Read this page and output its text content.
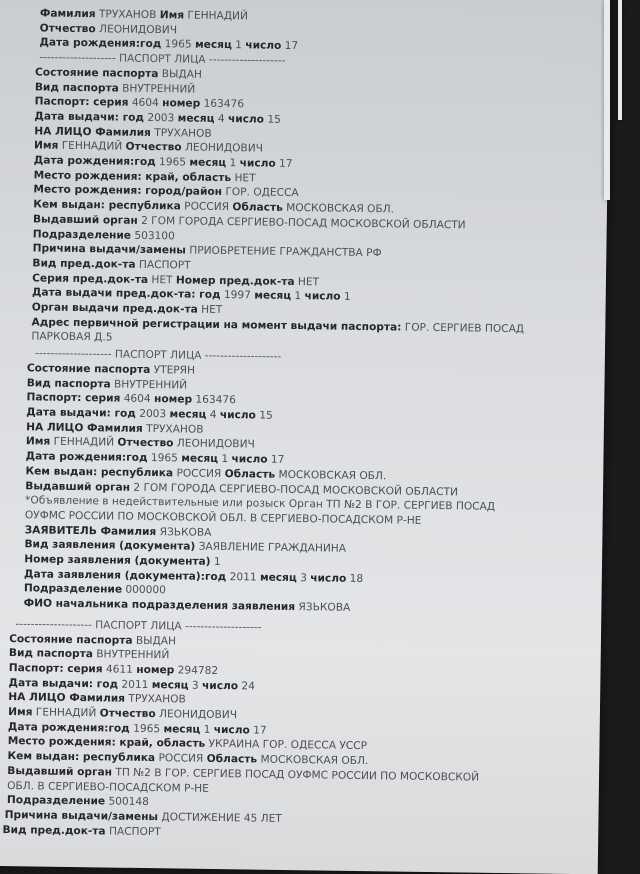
Фамилия ТРУХАНОВ Имя ГЕННАДИЙ
Отчество ЛЕОНИДОВИЧ
Дата рождения:год 1965 месяц 1 число 17
-------------------- ПАСПОРТ ЛИЦА --------------------
Состояние паспорта ВЫДАН
Вид паспорта ВНУТРЕННИЙ
Паспорт: серия 4604 номер 163476
Дата выдачи: год 2003 месяц 4 число 15
НА ЛИЦО Фамилия ТРУХАНОВ
Имя ГЕННАДИЙ Отчество ЛЕОНИДОВИЧ
Дата рождения:год 1965 месяц 1 число 17
Место рождения: край, область НЕТ
Место рождения: город/район ГОР. ОДЕССА
Кем выдан: республика РОССИЯ Область МОСКОВСКАЯ ОБЛ.
Выдавший орган 2 ГОМ ГОРОДА СЕРГИЕВО-ПОСАД МОСКОВСКОЙ ОБЛАСТИ
Подразделение 503100
Причина выдачи/замены ПРИОБРЕТЕНИЕ ГРАЖДАНСТВА РФ
Вид пред.док-та ПАСПОРТ
Серия пред.док-та НЕТ Номер пред.док-та НЕТ
Дата выдачи пред.док-та: год 1997 месяц 1 число 1
Орган выдачи пред.док-та НЕТ
Адрес первичной регистрации на момент выдачи паспорта: ГОР. СЕРГИЕВ ПОСАД
ПАРКОВАЯ Д.5
-------------------- ПАСПОРТ ЛИЦА --------------------
Состояние паспорта УТЕРЯН
Вид паспорта ВНУТРЕННИЙ
Паспорт: серия 4604 номер 163476
Дата выдачи: год 2003 месяц 4 число 15
НА ЛИЦО Фамилия ТРУХАНОВ
Имя ГЕННАДИЙ Отчество ЛЕОНИДОВИЧ
Дата рождения:год 1965 месяц 1 число 17
Кем выдан: республика РОССИЯ Область МОСКОВСКАЯ ОБЛ.
Выдавший орган 2 ГОМ ГОРОДА СЕРГИЕВО-ПОСАД МОСКОВСКОЙ ОБЛАСТИ
*Объявление в недействительные или розыск Орган ТП №2 В ГОР. СЕРГИЕВ ПОСАД
ОУФМС РОССИИ ПО МОСКОВСКОЙ ОБЛ. В СЕРГИЕВО-ПОСАДСКОМ Р-НЕ
ЗАЯВИТЕЛЬ Фамилия ЯЗЬКОВА
Вид заявления (документа) ЗАЯВЛЕНИЕ ГРАЖДАНИНА
Номер заявления (документа) 1
Дата заявления (документа):год 2011 месяц 3 число 18
Подразделение 000000
ФИО начальника подразделения заявления ЯЗЬКОВА
-------------------- ПАСПОРТ ЛИЦА --------------------
Состояние паспорта ВЫДАН
Вид паспорта ВНУТРЕННИЙ
Паспорт: серия 4611 номер 294782
Дата выдачи: год 2011 месяц 3 число 24
НА ЛИЦО Фамилия ТРУХАНОВ
Имя ГЕННАДИЙ Отчество ЛЕОНИДОВИЧ
Дата рождения:год 1965 месяц 1 число 17
Место рождения: край, область УКРАИНА ГОР. ОДЕССА УССР
Кем выдан: республика РОССИЯ Область МОСКОВСКАЯ ОБЛ.
Выдавший орган ТП №2 В ГОР. СЕРГИЕВ ПОСАД ОУФМС РОССИИ ПО МОСКОВСКОЙ
ОБЛ. В СЕРГИЕВО-ПОСАДСКОМ Р-НЕ
Подразделение 500148
Причина выдачи/замены ДОСТИЖЕНИЕ 45 ЛЕТ
Вид пред.док-та ПАСПОРТ
